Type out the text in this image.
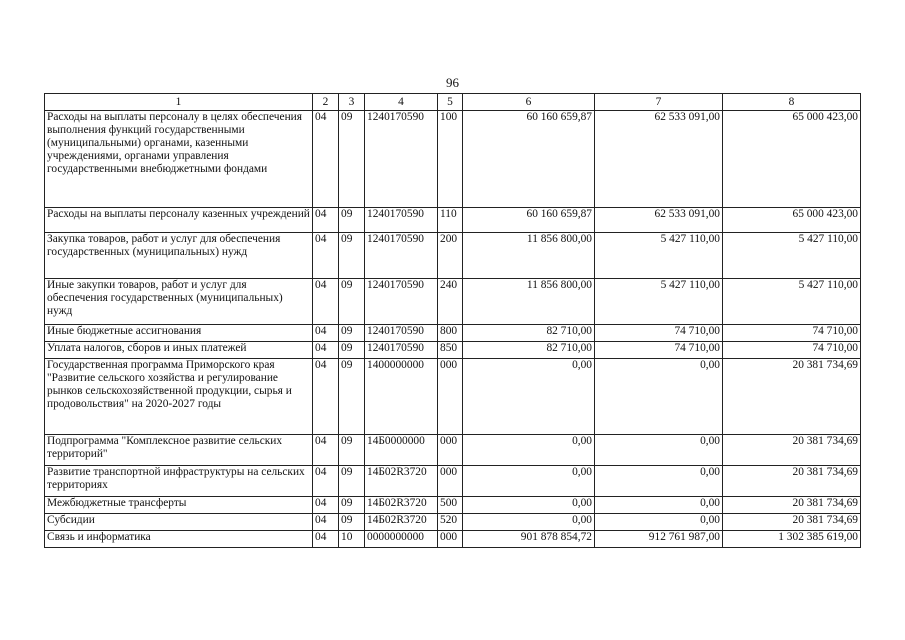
96
1	2	3	4	5	6	7	8
Расходы на выплаты персоналу в целях обеспечения выполнения функций государственными (муниципальными) органами, казенными учреждениями, органами управления государственными внебюджетными фондами	04	09	1240170590	100	60 160 659,87	62 533 091,00	65 000 423,00
Расходы на выплаты персоналу казенных учреждений	04	09	1240170590	110	60 160 659,87	62 533 091,00	65 000 423,00
Закупка товаров, работ и услуг для обеспечения государственных (муниципальных) нужд	04	09	1240170590	200	11 856 800,00	5 427 110,00	5 427 110,00
Иные закупки товаров, работ и услуг для обеспечения государственных (муниципальных) нужд	04	09	1240170590	240	11 856 800,00	5 427 110,00	5 427 110,00
Иные бюджетные ассигнования	04	09	1240170590	800	82 710,00	74 710,00	74 710,00
Уплата налогов, сборов и иных платежей	04	09	1240170590	850	82 710,00	74 710,00	74 710,00
Государственная программа Приморского края "Развитие сельского хозяйства и регулирование рынков сельскохозяйственной продукции, сырья и продовольствия" на 2020-2027 годы	04	09	1400000000	000	0,00	0,00	20 381 734,69
Подпрограмма "Комплексное развитие сельских территорий"	04	09	14Б0000000	000	0,00	0,00	20 381 734,69
Развитие транспортной инфраструктуры на сельских территориях	04	09	14Б02R3720	000	0,00	0,00	20 381 734,69
Межбюджетные трансферты	04	09	14Б02R3720	500	0,00	0,00	20 381 734,69
Субсидии	04	09	14Б02R3720	520	0,00	0,00	20 381 734,69
Связь и информатика	04	10	0000000000	000	901 878 854,72	912 761 987,00	1 302 385 619,00
